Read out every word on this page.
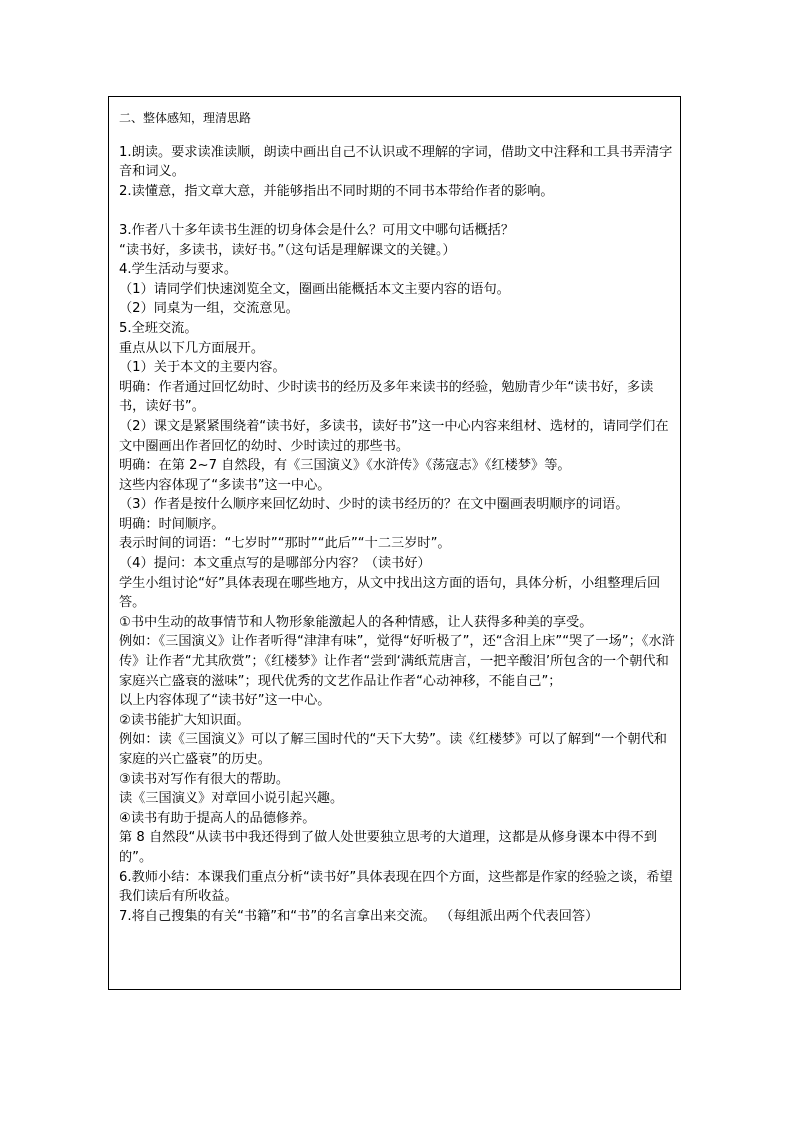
二、整体感知，理清思路
1.朗读。要求读准读顺，朗读中画出自己不认识或不理解的字词，借助文中注释和工具书弄清字音和词义。
2.读懂意，指文章大意，并能够指出不同时期的不同书本带给作者的影响。
3.作者八十多年读书生涯的切身体会是什么？可用文中哪句话概括？
“读书好，多读书，读好书。”（这句话是理解课文的关键。）
4.学生活动与要求。
（1）请同学们快速浏览全文，圈画出能概括本文主要内容的语句。
（2）同桌为一组，交流意见。
5.全班交流。
重点从以下几方面展开。
（1）关于本文的主要内容。
明确：作者通过回忆幼时、少时读书的经历及多年来读书的经验，勉励青少年“读书好，多读书，读好书”。
（2）课文是紧紧围绕着“读书好，多读书，读好书”这一中心内容来组材、选材的，请同学们在文中圈画出作者回忆的幼时、少时读过的那些书。
明确：在第 2~7 自然段，有《三国演义》《水浒传》《荡寇志》《红楼梦》等。
这些内容体现了“多读书”这一中心。
（3）作者是按什么顺序来回忆幼时、少时的读书经历的？在文中圈画表明顺序的词语。
明确：时间顺序。
表示时间的词语：“七岁时”“那时”“此后”“十二三岁时”。
（4）提问：本文重点写的是哪部分内容？（读书好）
学生小组讨论“好”具体表现在哪些地方，从文中找出这方面的语句，具体分析，小组整理后回答。
①书中生动的故事情节和人物形象能激起人的各种情感，让人获得多种美的享受。
例如：《三国演义》让作者听得“津津有味”，觉得“好听极了”，还“含泪上床”“哭了一场”；《水浒传》让作者“尤其欣赏”；《红楼梦》让作者“尝到‘满纸荒唐言，一把辛酸泪’所包含的一个朝代和家庭兴亡盛衰的滋味”；现代优秀的文艺作品让作者“心动神移，不能自己”；
以上内容体现了“读书好”这一中心。
②读书能扩大知识面。
例如：读《三国演义》可以了解三国时代的“天下大势”。读《红楼梦》可以了解到“一个朝代和家庭的兴亡盛衰”的历史。
③读书对写作有很大的帮助。
读《三国演义》对章回小说引起兴趣。
④读书有助于提高人的品德修养。
第 8 自然段“从读书中我还得到了做人处世要独立思考的大道理，这都是从修身课本中得不到的”。
6.教师小结：本课我们重点分析“读书好”具体表现在四个方面，这些都是作家的经验之谈，希望我们读后有所收益。
7.将自己搜集的有关“书籍”和“书”的名言拿出来交流。 （每组派出两个代表回答）
